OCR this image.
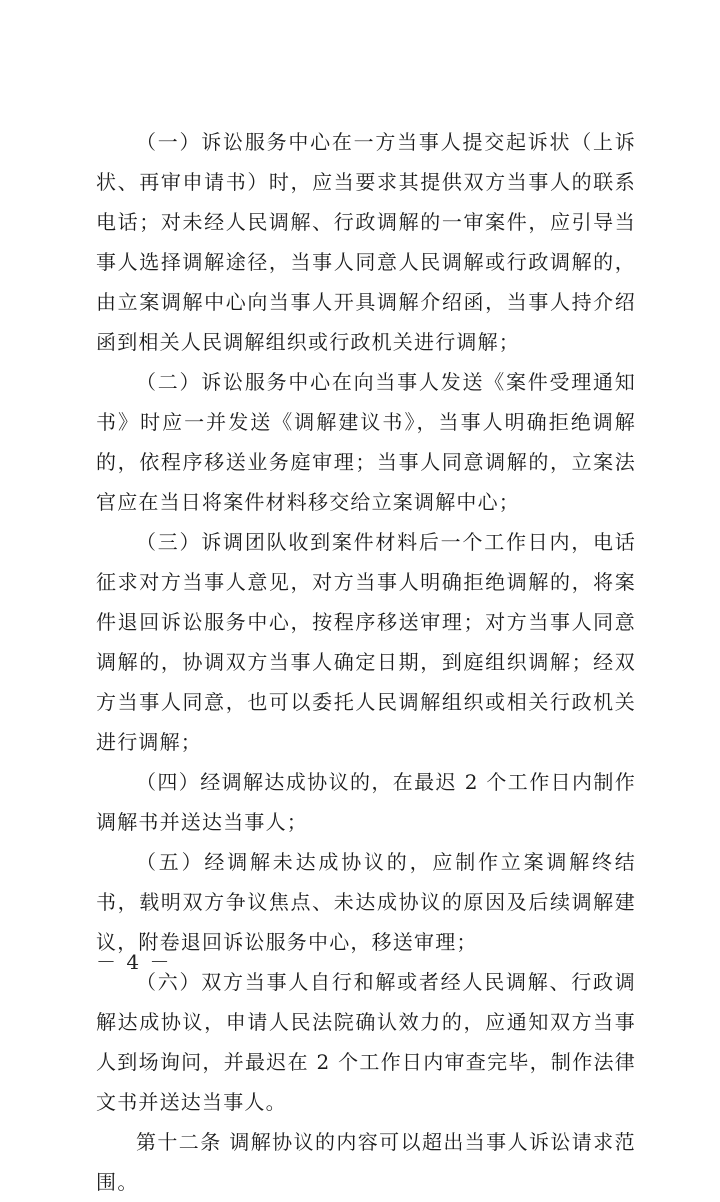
（一）诉讼服务中心在一方当事人提交起诉状（上诉状、再审申请书）时，应当要求其提供双方当事人的联系电话；对未经人民调解、行政调解的一审案件，应引导当事人选择调解途径，当事人同意人民调解或行政调解的，由立案调解中心向当事人开具调解介绍函，当事人持介绍函到相关人民调解组织或行政机关进行调解；

（二）诉讼服务中心在向当事人发送《案件受理通知书》时应一并发送《调解建议书》，当事人明确拒绝调解的，依程序移送业务庭审理；当事人同意调解的，立案法官应在当日将案件材料移交给立案调解中心；

（三）诉调团队收到案件材料后一个工作日内，电话征求对方当事人意见，对方当事人明确拒绝调解的，将案件退回诉讼服务中心，按程序移送审理；对方当事人同意调解的，协调双方当事人确定日期，到庭组织调解；经双方当事人同意，也可以委托人民调解组织或相关行政机关进行调解；

（四）经调解达成协议的，在最迟 2 个工作日内制作调解书并送达当事人；

（五）经调解未达成协议的，应制作立案调解终结书，载明双方争议焦点、未达成协议的原因及后续调解建议，附卷退回诉讼服务中心，移送审理；

（六）双方当事人自行和解或者经人民调解、行政调解达成协议，申请人民法院确认效力的，应通知双方当事人到场询问，并最迟在 2 个工作日内审查完毕，制作法律文书并送达当事人。

第十二条 调解协议的内容可以超出当事人诉讼请求范围。

－ 4 －
